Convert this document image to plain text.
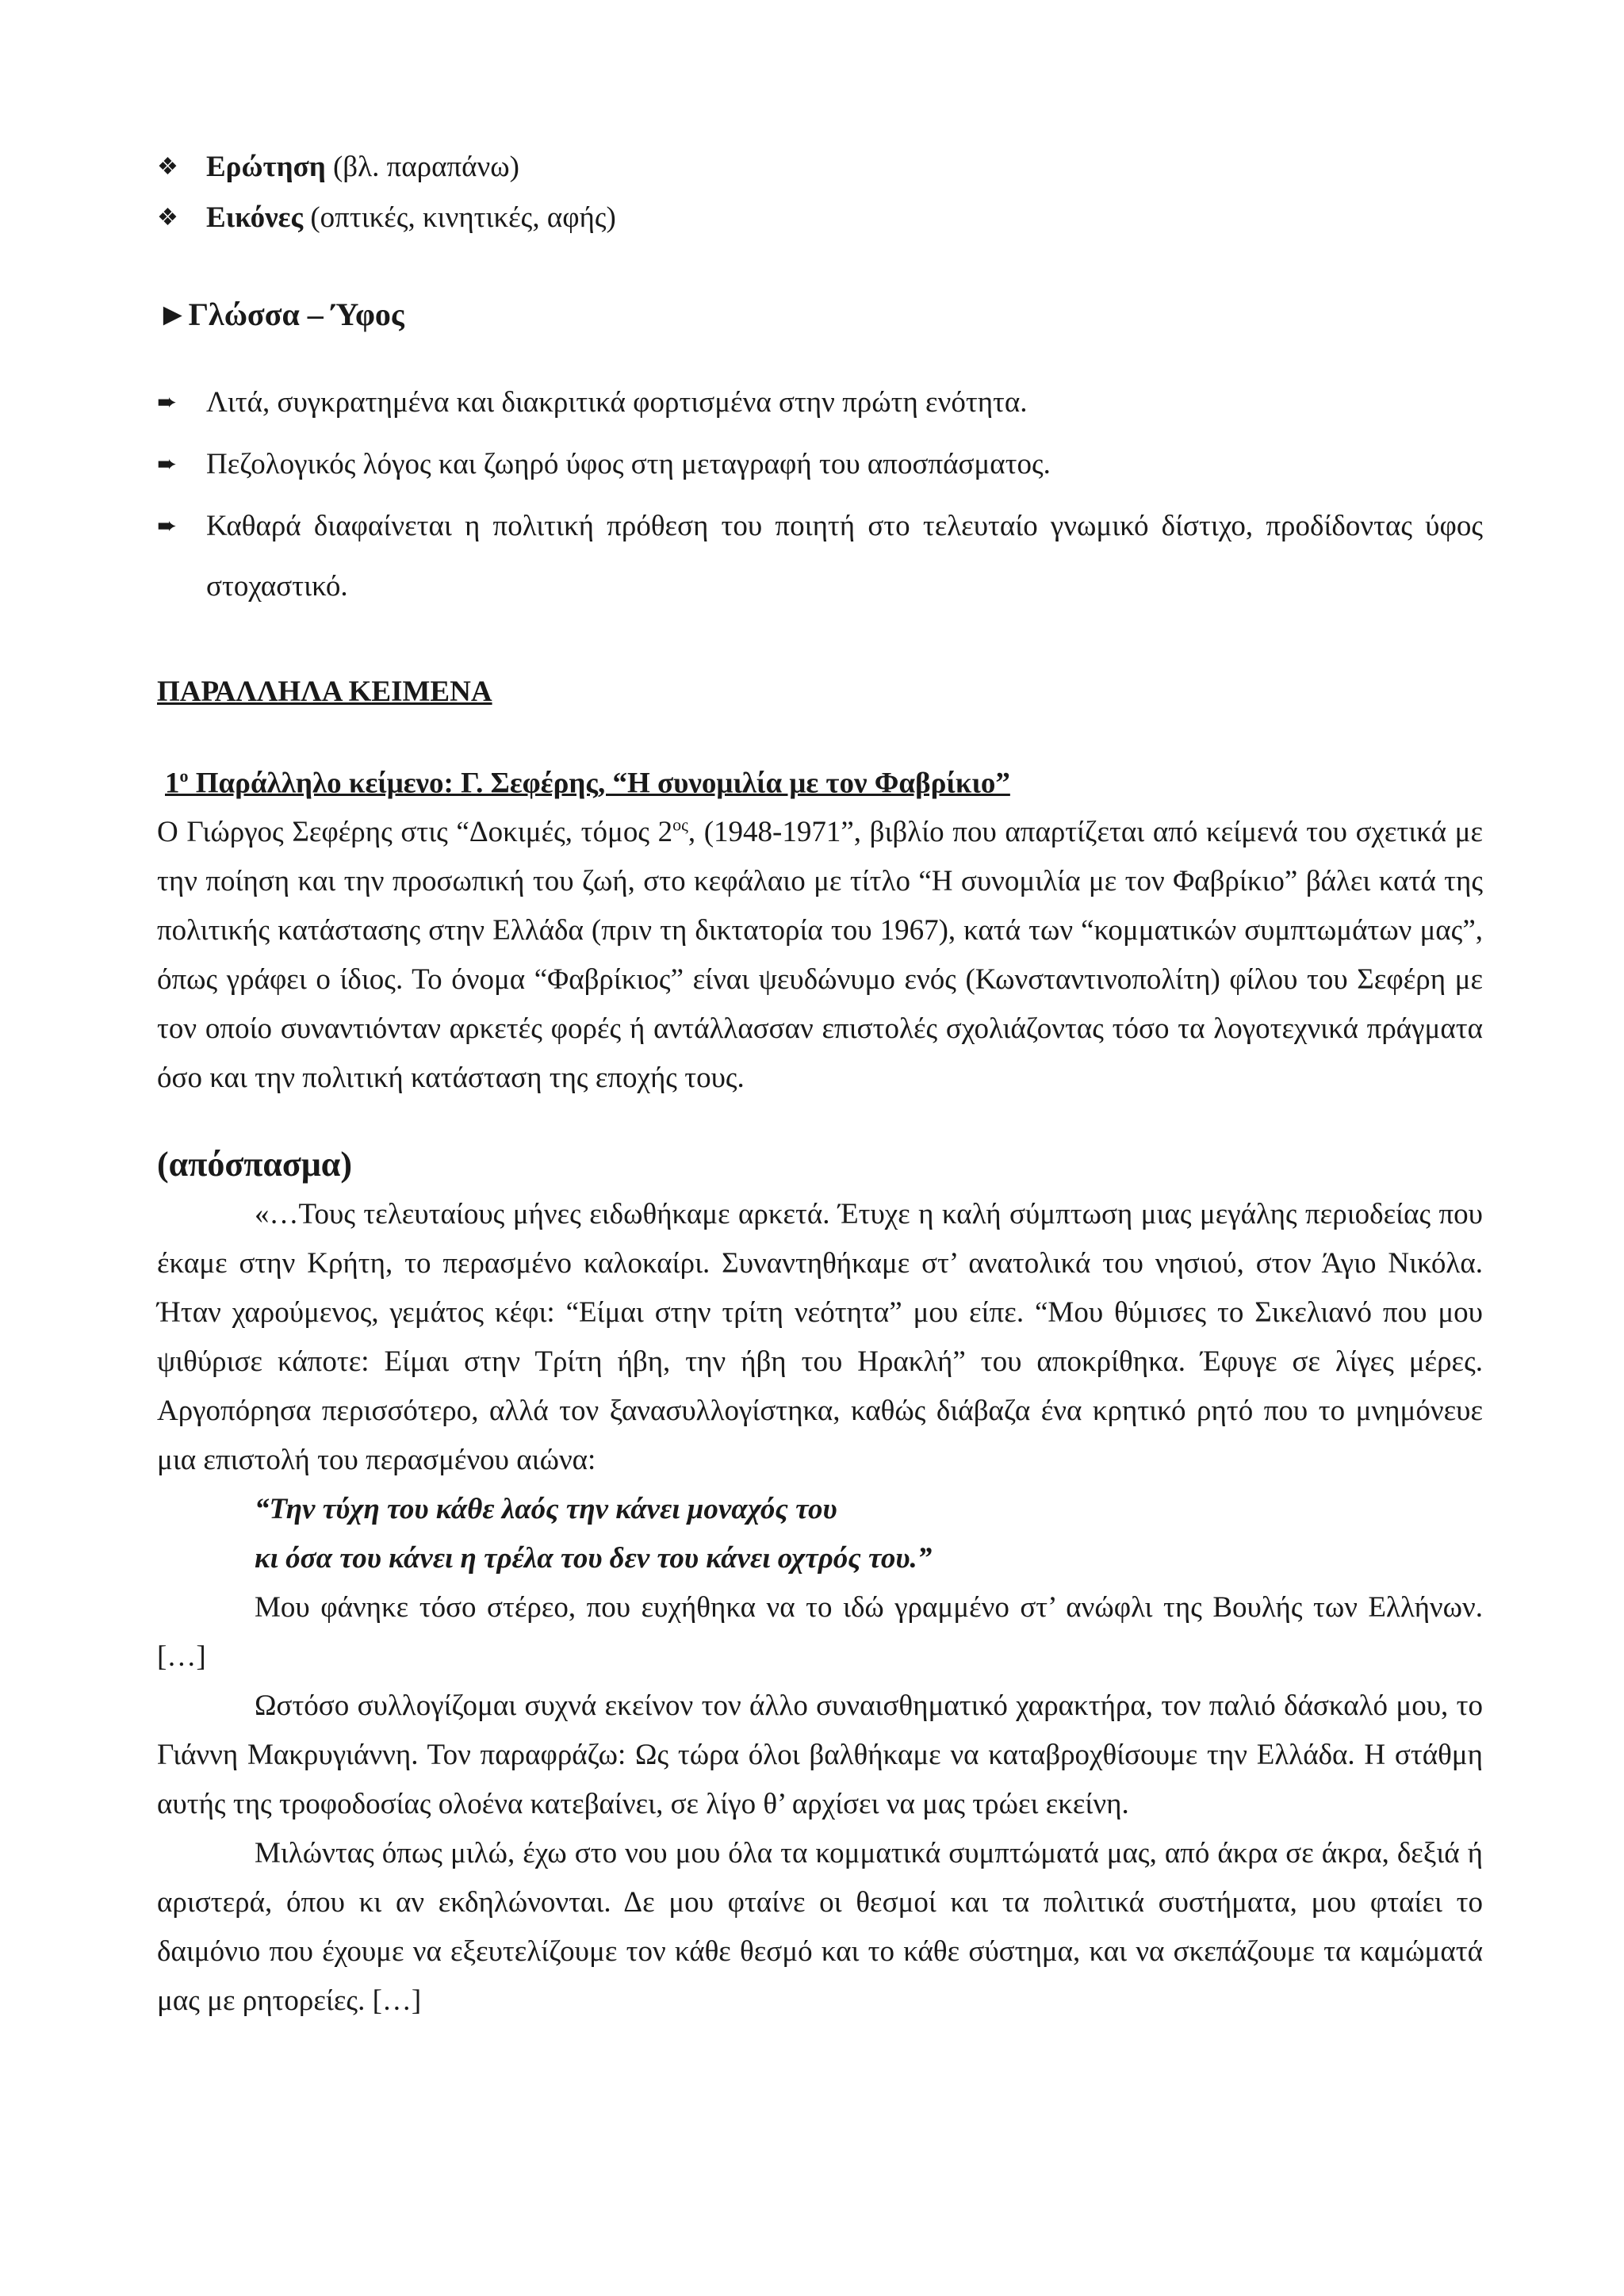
❖ Ερώτηση (βλ. παραπάνω)
❖ Εικόνες (οπτικές, κινητικές, αφής)
►Γλώσσα – Ύφος
➨ Λιτά, συγκρατημένα και διακριτικά φορτισμένα στην πρώτη ενότητα.
➨ Πεζολογικός λόγος και ζωηρό ύφος στη μεταγραφή του αποσπάσματος.
➨ Καθαρά διαφαίνεται η πολιτική πρόθεση του ποιητή στο τελευταίο γνωμικό δίστιχο, προδίδοντας ύφος στοχαστικό.
ΠΑΡΑΛΛΗΛΑ ΚΕΙΜΕΝΑ
$1^o$ Παράλληλο κείμενο: Γ. Σεφέρης, “Η συνομιλία με τον Φαβρίκιο”

Ο Γιώργος Σεφέρης στις “Δοκιμές, τόμος $2^{o\varsigma}$, (1948-1971”, βιβλίο που απαρτίζεται από κείμενά του σχετικά με την ποίηση και την προσωπική του ζωή, στο κεφάλαιο με τίτλο “Η συνομιλία με τον Φαβρίκιο” βάλει κατά της πολιτικής κατάστασης στην Ελλάδα (πριν τη δικτατορία του 1967), κατά των “κομματικών συμπτωμάτων μας”, όπως γράφει ο ίδιος. Το όνομα “Φαβρίκιος” είναι ψευδώνυμο ενός (Κωνσταντινοπολίτη) φίλου του Σεφέρη με τον οποίο συναντιόνταν αρκετές φορές ή αντάλλασσαν επιστολές σχολιάζοντας τόσο τα λογοτεχνικά πράγματα όσο και την πολιτική κατάσταση της εποχής τους.

(απόσπασμα)

«…Τους τελευταίους μήνες ειδωθήκαμε αρκετά. Έτυχε η καλή σύμπτωση μιας μεγάλης περιοδείας που έκαμε στην Κρήτη, το περασμένο καλοκαίρι. Συναντηθήκαμε στ’ ανατολικά του νησιού, στον Άγιο Νικόλα. Ήταν χαρούμενος, γεμάτος κέφι: “Είμαι στην τρίτη νεότητα” μου είπε. “Μου θύμισες το Σικελιανό που μου ψιθύρισε κάποτε: Είμαι στην Τρίτη ήβη, την ήβη του Ηρακλή” του αποκρίθηκα. Έφυγε σε λίγες μέρες. Αργοπόρησα περισσότερο, αλλά τον ξανασυλλογίστηκα, καθώς διάβαζα ένα κρητικό ρητό που το μνημόνευε μια επιστολή του περασμένου αιώνα:

“Την τύχη του κάθε λαός την κάνει μοναχός του
κι όσα του κάνει η τρέλα του δεν του κάνει οχτρός του.”

Μου φάνηκε τόσο στέρεο, που ευχήθηκα να το ιδώ γραμμένο στ’ ανώφλι της Βουλής των Ελλήνων. […]

Ωστόσο συλλογίζομαι συχνά εκείνον τον άλλο συναισθηματικό χαρακτήρα, τον παλιό δάσκαλό μου, το Γιάννη Μακρυγιάννη. Τον παραφράζω: Ως τώρα όλοι βαλθήκαμε να καταβροχθίσουμε την Ελλάδα. Η στάθμη αυτής της τροφοδοσίας ολοένα κατεβαίνει, σε λίγο θ’ αρχίσει να μας τρώει εκείνη.

Μιλώντας όπως μιλώ, έχω στο νου μου όλα τα κομματικά συμπτώματά μας, από άκρα σε άκρα, δεξιά ή αριστερά, όπου κι αν εκδηλώνονται. Δε μου φταίνε οι θεσμοί και τα πολιτικά συστήματα, μου φταίει το δαιμόνιο που έχουμε να εξευτελίζουμε τον κάθε θεσμό και το κάθε σύστημα, και να σκεπάζουμε τα καμώματά μας με ρητορείες. […]
